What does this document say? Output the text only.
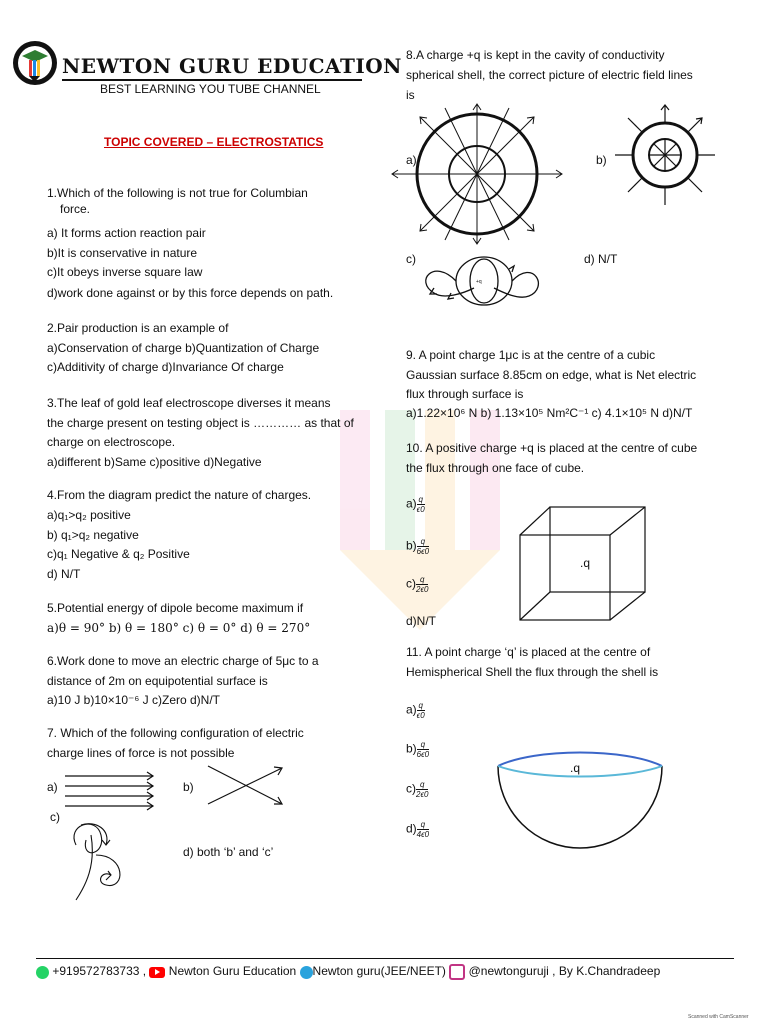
NEWTON GURU EDUCATION
BEST LEARNING YOU TUBE CHANNEL
TOPIC COVERED – ELECTROSTATICS
1.Which of the following is not true for Columbian
force.
a) It forms action reaction pair
b)It is conservative in nature
c)It obeys inverse square law
d)work done against or by this force depends on path.
2.Pair production is an example of
a)Conservation of charge b)Quantization of Charge
c)Additivity of charge d)Invariance Of charge
3.The leaf of gold leaf electroscope diverses it means
the charge present on testing object is ………… as that of
charge on electroscope.
a)different b)Same c)positive d)Negative
4.From the diagram predict the nature of charges.
a)q₁>q₂ positive
b) q₁>q₂ negative
c)q₁ Negative & q₂ Positive
d) N/T
5.Potential energy of dipole become maximum if
a)θ = 90° b) θ = 180° c) θ = 0° d) θ = 270°
6.Work done to move an electric charge of 5μc to a
distance of 2m on equipotential surface is
a)10 J b)10×10⁻⁶ J c)Zero d)N/T
7. Which of the following configuration of electric
charge lines of force is not possible
a)	b)
c)
d) both ‘b’ and ‘c’
8.A charge +q is kept in the cavity of conductivity
spherical shell, the correct picture of electric field lines
is
a)	b)
c)
+q
d) N/T
9. A point charge 1μc is at the centre of a cubic
Gaussian surface 8.85cm on edge, what is Net electric
flux through surface is
a)1.22×10⁶ N b) 1.13×10⁵ Nm²C⁻¹ c) 4.1×10⁵ N d)N/T
10. A positive charge +q is placed at the centre of cube
the flux through one face of cube.
$a) \frac{q}{\epsilon 0}$
$b) \frac{q}{6\epsilon 0}$
$c) \frac{q}{2\epsilon 0}$
d)N/T
.q
11. A point charge ‘q’ is placed at the centre of
Hemispherical Shell the flux through the shell is
$a) \frac{q}{\epsilon 0}$
$b) \frac{q}{6\epsilon 0}$
$c) \frac{q}{2\epsilon 0}$
$d) \frac{q}{4\epsilon 0}$
.q
+919572783733 ,
Newton Guru Education Newton guru(JEE/NEET) @newtonguruji , By K.Chandradeep
Scanned with CamScanner
